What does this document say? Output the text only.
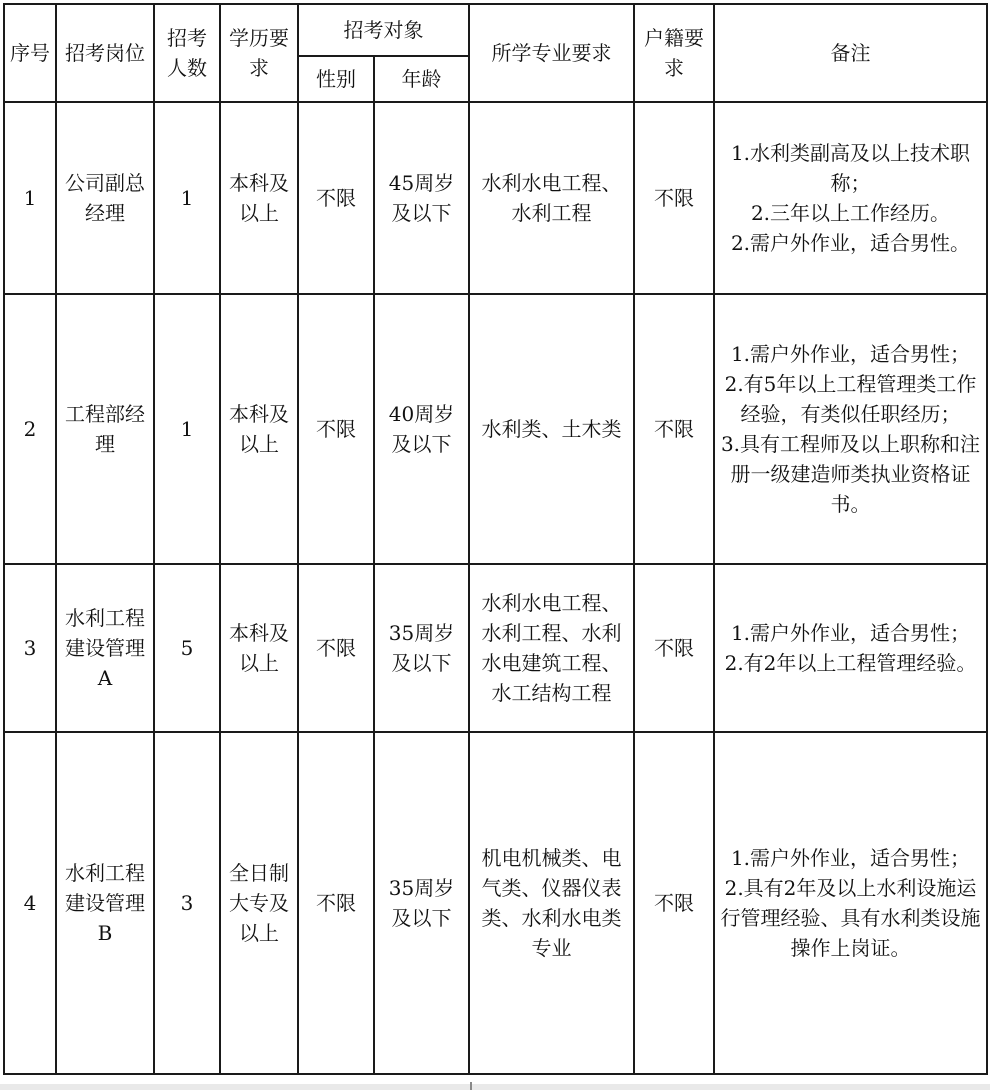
序号	招考岗位	招考人数	学历要求	招考对象		所学专业要求	户籍要求	备注
				性别	年龄			
1	公司副总经理	1	本科及以上	不限	45周岁及以下	水利水电工程、水利工程	不限	1.水利类副高及以上技术职称；
2.三年以上工作经历。
2.需户外作业，适合男性。

2	工程部经理	1	本科及以上	不限	40周岁及以下	水利类、土木类	不限	1.需户外作业，适合男性；
2.有5年以上工程管理类工作经验，有类似任职经历；
3.具有工程师及以上职称和注册一级建造师类执业资格证书。

3	水利工程建设管理A	5	本科及以上	不限	35周岁及以下	水利水电工程、水利工程、水利水电建筑工程、水工结构工程	不限	1.需户外作业，适合男性；
2.有2年以上工程管理经验。

4	水利工程建设管理B	3	全日制大专及以上	不限	35周岁及以下	机电机械类、电气类、仪器仪表类、水利水电类专业	不限	1.需户外作业，适合男性；
2.具有2年及以上水利设施运行管理经验、具有水利类设施操作上岗证。
